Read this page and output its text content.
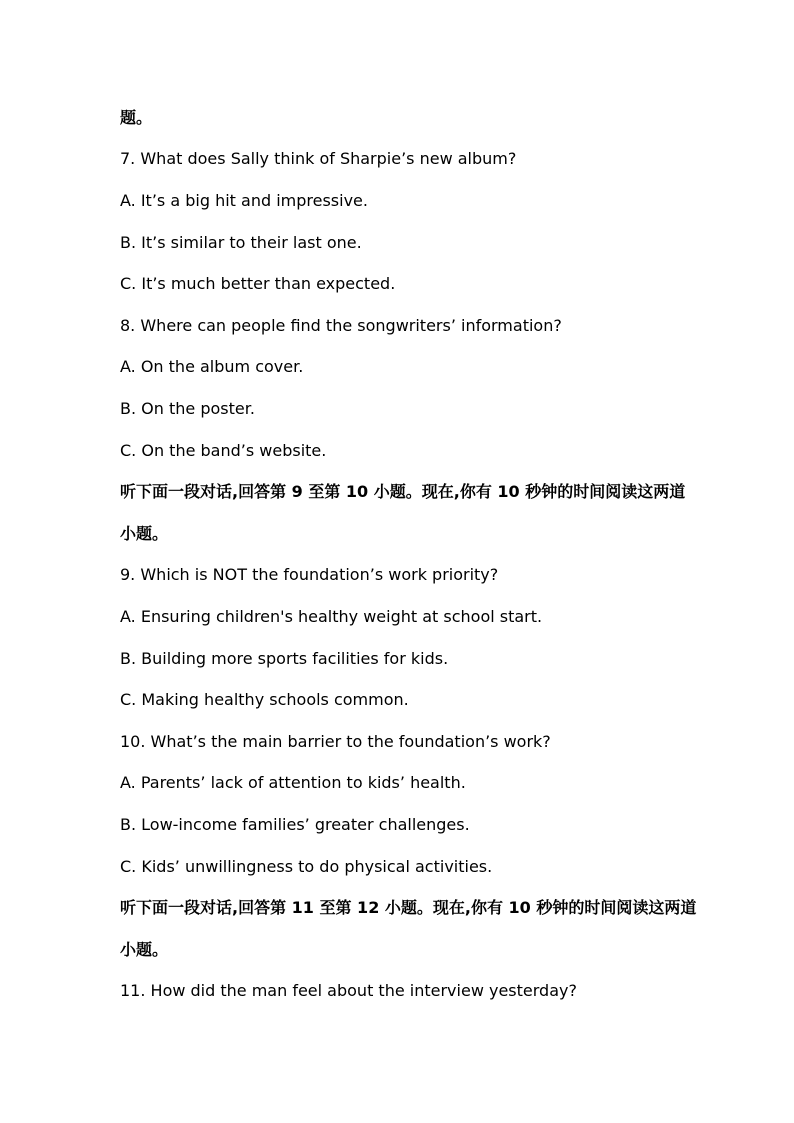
题。
7. What does Sally think of Sharpie’s new album?
A. It’s a big hit and impressive.
B. It’s similar to their last one.
C. It’s much better than expected.
8. Where can people find the songwriters’ information?
A. On the album cover.
B. On the poster.
C. On the band’s website.
听下面一段对话,回答第 9 至第 10 小题。现在,你有 10 秒钟的时间阅读这两道
小题。
9. Which is NOT the foundation’s work priority?
A. Ensuring children's healthy weight at school start.
B. Building more sports facilities for kids.
C. Making healthy schools common.
10. What’s the main barrier to the foundation’s work?
A. Parents’ lack of attention to kids’ health.
B. Low-income families’ greater challenges.
C. Kids’ unwillingness to do physical activities.
听下面一段对话,回答第 11 至第 12 小题。现在,你有 10 秒钟的时间阅读这两道
小题。
11. How did the man feel about the interview yesterday?
